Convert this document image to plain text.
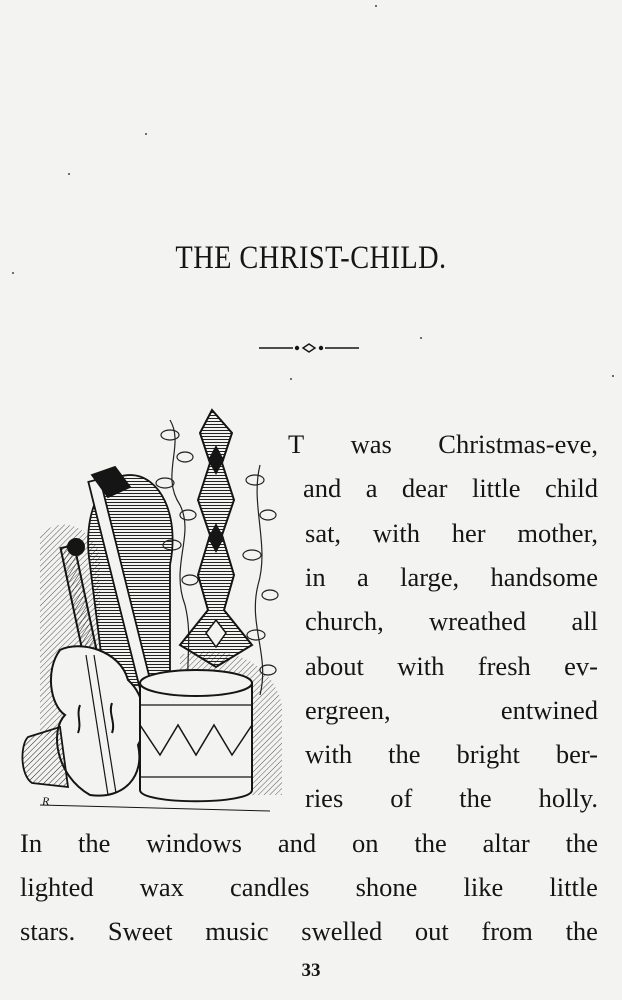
THE CHRIST-CHILD.
R
T was Christmas-eve,
and a dear little child
sat, with her mother,
in a large, handsome
church, wreathed all
about with fresh ev-
ergreen,	entwined
with the bright ber-
ries of the holly.
In the windows and on the altar the
lighted wax candles shone like little
stars. Sweet music swelled out from the
33
